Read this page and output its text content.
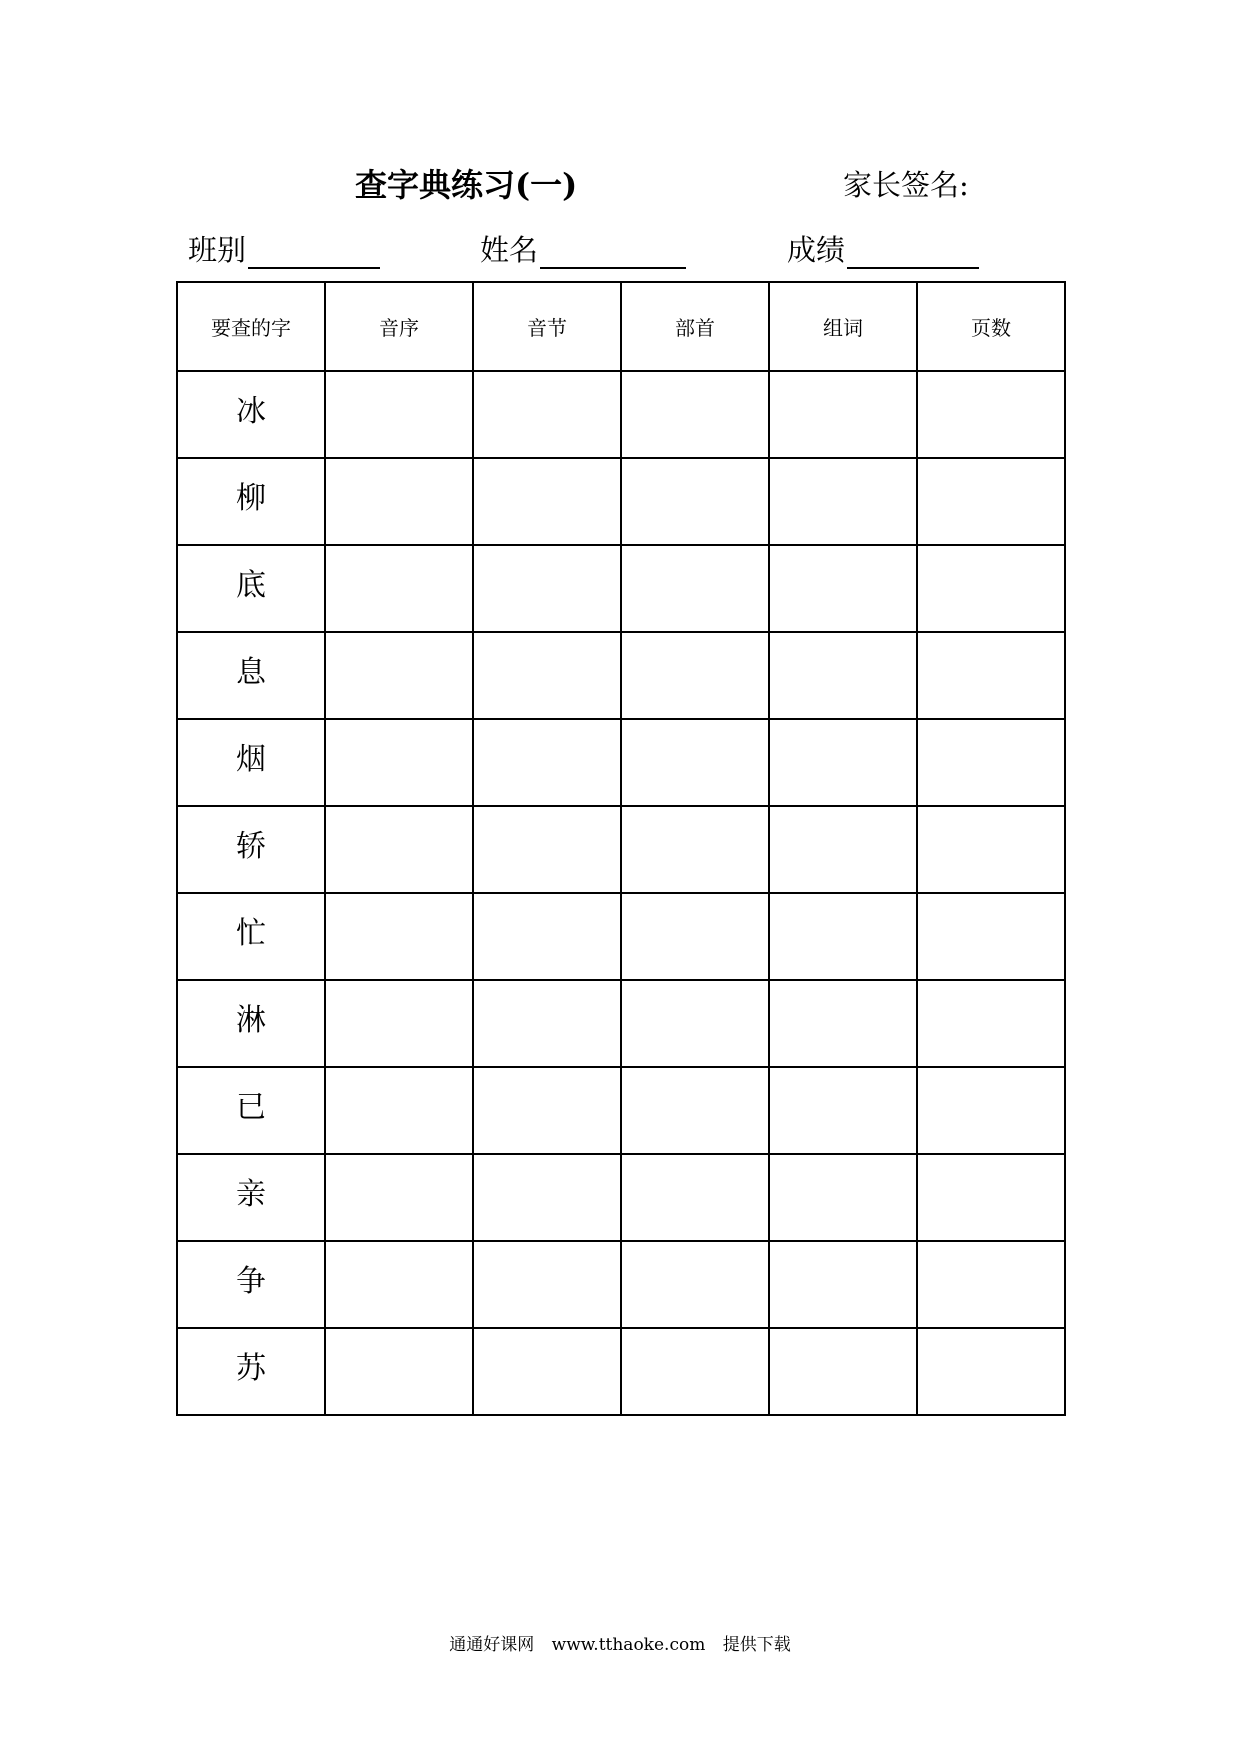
查字典练习(一)	家长签名:
班别	姓名	成绩
要查的字	音序	音节	部首	组词	页数
冰					
柳					
底					
息					
烟					
轿					
忙					
淋					
已					
亲					
争					
苏					
通通好课网 www.tthaoke.com 提供下载
